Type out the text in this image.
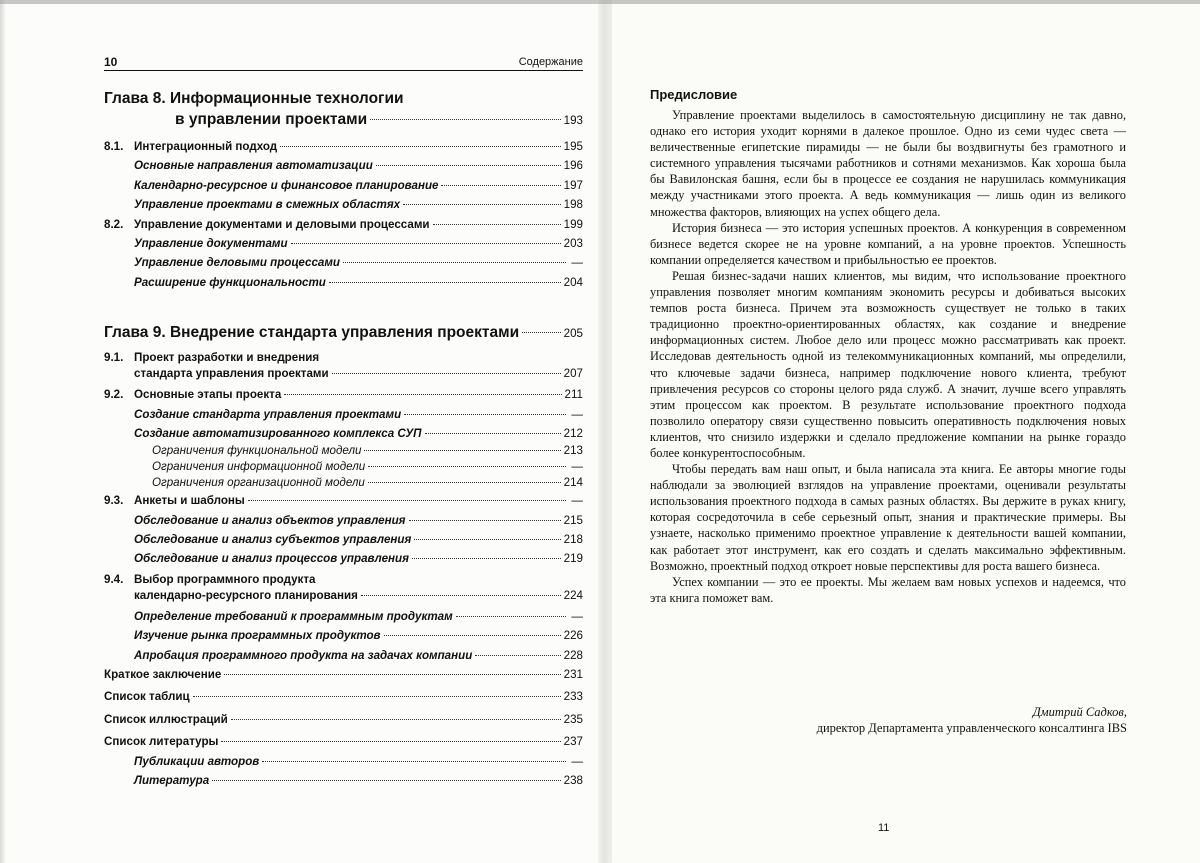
10	Содержание
Глава 8. Информационные технологии
в управлении проектами	193
8.1. Интеграционный подход	195
Основные направления автоматизации	196
Календарно-ресурсное и финансовое планирование	197
Управление проектами в смежных областях	198
8.2. Управление документами и деловыми процессами	199
Управление документами	203
Управление деловыми процессами	—
Расширение функциональности	204
Глава 9. Внедрение стандарта управления проектами	205
9.1. Проект разработки и внедрения
стандарта управления проектами	207
9.2. Основные этапы проекта	211
Создание стандарта управления проектами	—
Создание автоматизированного комплекса СУП	212
Ограничения функциональной модели	213
Ограничения информационной модели	—
Ограничения организационной модели	214
9.3. Анкеты и шаблоны	—
Обследование и анализ объектов управления	215
Обследование и анализ субъектов управления	218
Обследование и анализ процессов управления	219
9.4. Выбор программного продукта
календарно-ресурсного планирования	224
Определение требований к программным продуктам	—
Изучение рынка программных продуктов	226
Апробация программного продукта на задачах компании	228
Краткое заключение	231
Список таблиц	233
Список иллюстраций	235
Список литературы	237
Публикации авторов	—
Литература	238
Предисловие

Управление проектами выделилось в самостоятельную дисциплину не так давно, однако его история уходит корнями в далекое прошлое. Одно из семи чудес света — величественные египетские пирамиды — не были бы воздвигнуты без грамотного и системного управления тысячами работников и сотнями механизмов. Как хороша была бы Вавилонская башня, если бы в процессе ее создания не нарушилась коммуникация между участниками этого проекта. А ведь коммуникация — лишь один из великого множества факторов, влияющих на успех общего дела.

История бизнеса — это история успешных проектов. А конкуренция в современном бизнесе ведется скорее не на уровне компаний, а на уровне проектов. Успешность компании определяется качеством и прибыльностью ее проектов.

Решая бизнес-задачи наших клиентов, мы видим, что использование проектного управления позволяет многим компаниям экономить ресурсы и добиваться высоких темпов роста бизнеса. Причем эта возможность существует не только в таких традиционно проектно-ориентированных областях, как создание и внедрение информационных систем. Любое дело или процесс можно рассматривать как проект. Исследовав деятельность одной из телекоммуникационных компаний, мы определили, что ключевые задачи бизнеса, например подключение нового клиента, требуют привлечения ресурсов со стороны целого ряда служб. А значит, лучше всего управлять этим процессом как проектом. В результате использование проектного подхода позволило оператору связи существенно повысить оперативность подключения новых клиентов, что снизило издержки и сделало предложение компании на рынке гораздо более конкурентоспособным.

Чтобы передать вам наш опыт, и была написала эта книга. Ее авторы многие годы наблюдали за эволюцией взглядов на управление проектами, оценивали результаты использования проектного подхода в самых разных областях. Вы держите в руках книгу, которая сосредоточила в себе серьезный опыт, знания и практические примеры. Вы узнаете, насколько применимо проектное управление к деятельности вашей компании, как работает этот инструмент, как его создать и сделать максимально эффективным. Возможно, проектный подход откроет новые перспективы для роста вашего бизнеса.

Успех компании — это ее проекты. Мы желаем вам новых успехов и надеемся, что эта книга поможет вам.

Дмитрий Садков,
директор Департамента управленческого консалтинга IBS
11
